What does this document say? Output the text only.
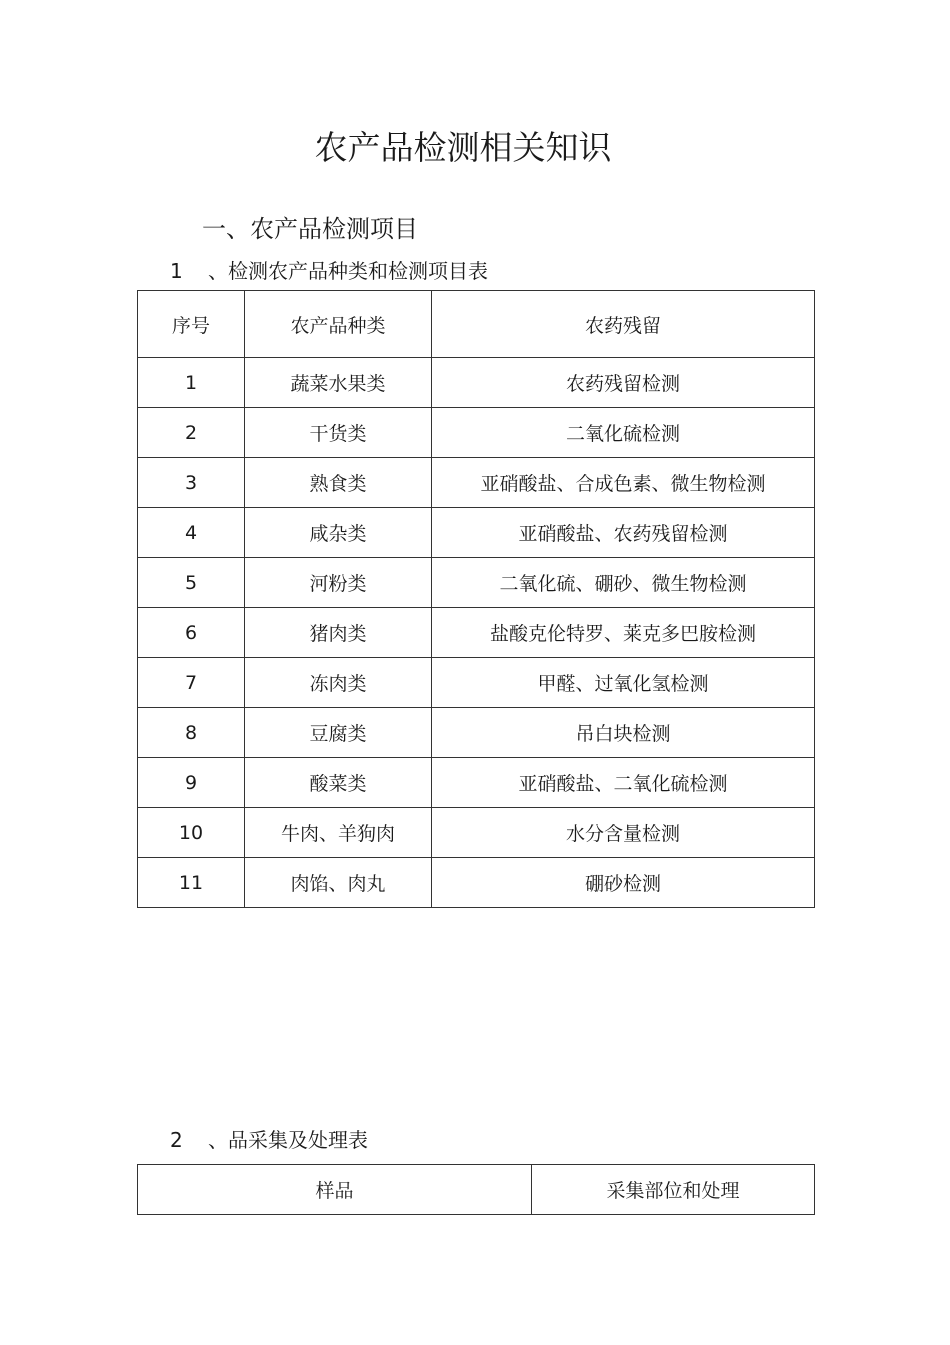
农产品检测相关知识
一、农产品检测项目
1 、检测农产品种类和检测项目表
序号	农产品种类	农药残留
1	蔬菜水果类	农药残留检测
2	干货类	二氧化硫检测
3	熟食类	亚硝酸盐、合成色素、微生物检测
4	咸杂类	亚硝酸盐、农药残留检测
5	河粉类	二氧化硫、硼砂、微生物检测
6	猪肉类	盐酸克伦特罗、莱克多巴胺检测
7	冻肉类	甲醛、过氧化氢检测
8	豆腐类	吊白块检测
9	酸菜类	亚硝酸盐、二氧化硫检测
10	牛肉、羊狗肉	水分含量检测
11	肉馅、肉丸	硼砂检测
2 、品采集及处理表
样品	采集部位和处理
